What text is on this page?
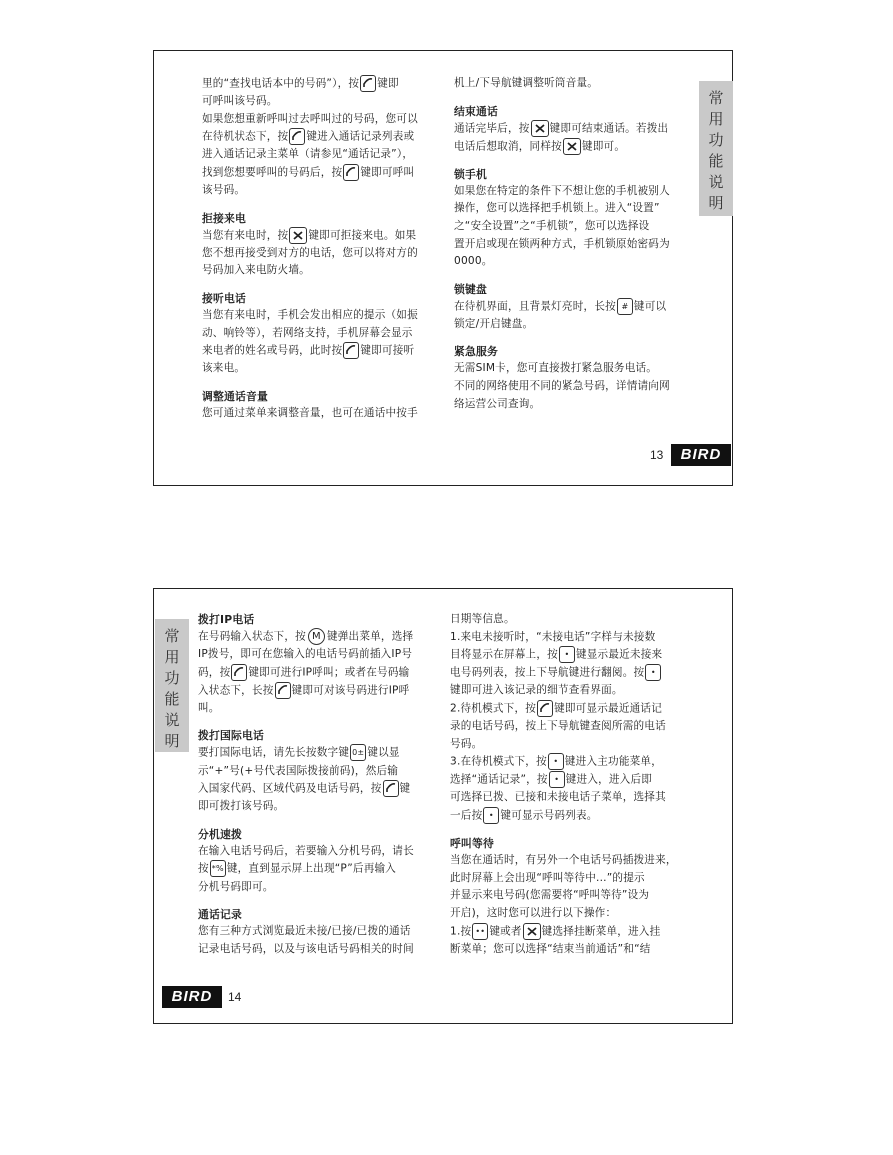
里的“查找电话本中的号码”），按 键即

可呼叫该号码。

如果您想重新呼叫过去呼叫过的号码，您可以

在待机状态下，按 键进入通话记录列表或

进入通话记录主菜单（请参见“通话记录”），

找到您想要呼叫的号码后，按 键即可呼叫

该号码。

拒接来电

当您有来电时，按 键即可拒接来电。如果

您不想再接受到对方的电话，您可以将对方的

号码加入来电防火墙。

接听电话

当您有来电时，手机会发出相应的提示（如振

动、响铃等），若网络支持，手机屏幕会显示

来电者的姓名或号码，此时按 键即可接听

该来电。

调整通话音量

您可通过菜单来调整音量，也可在通话中按手

机上/下导航键调整听筒音量。

结束通话

通话完毕后，按 键即可结束通话。若拨出

电话后想取消，同样按 键即可。

锁手机

如果您在特定的条件下不想让您的手机被别人

操作，您可以选择把手机锁上。进入“设置”

之“安全设置”之“手机锁”，您可以选择设

置开启或现在锁两种方式，手机锁原始密码为

0000。

锁键盘

在待机界面，且背景灯亮时，长按 # 键可以

锁定/开启键盘。

紧急服务

无需SIM卡，您可直接拨打紧急服务电话。

不同的网络使用不同的紧急号码，详情请向网

络运营公司查询。

常
用
功
能
说
明
13	BIRD
常
用
功
能
说
明
拨打IP电话

在号码输入状态下，按 M 键弹出菜单，选择

IP拨号，即可在您输入的电话号码前插入IP号

码，按 键即可进行IP呼叫；或者在号码输

入状态下，长按 键即可对该号码进行IP呼

叫。

拨打国际电话

要打国际电话，请先长按数字键 0± 键以显

示“+”号(+号代表国际拨接前码)，然后输

入国家代码、区域代码及电话号码，按 键

即可拨打该号码。

分机速拨

在输入电话号码后，若要输入分机号码，请长

按 *% 键，直到显示屏上出现“P”后再输入

分机号码即可。

通话记录

您有三种方式浏览最近未接/已接/已拨的通话

记录电话号码，以及与该电话号码相关的时间

日期等信息。

1.来电未接听时，“未接电话”字样与未接数

目将显示在屏幕上，按 • 键显示最近未接来

电号码列表，按上下导航键进行翻阅。按 •

键即可进入该记录的细节查看界面。

2.待机模式下，按 键即可显示最近通话记

录的电话号码，按上下导航键查阅所需的电话

号码。

3.在待机模式下，按 • 键进入主功能菜单，

选择“通话记录”，按 • 键进入，进入后即

可选择已拨、已接和未接电话子菜单，选择其

一后按 • 键可显示号码列表。

呼叫等待

当您在通话时，有另外一个电话号码插拨进来，

此时屏幕上会出现“呼叫等待中...”的提示

并显示来电号码(您需要将“呼叫等待”设为

开启)，这时您可以进行以下操作：

1.按 •• 键或者 键选择挂断菜单，进入挂

断菜单；您可以选择“结束当前通话”和“结

BIRD	14
